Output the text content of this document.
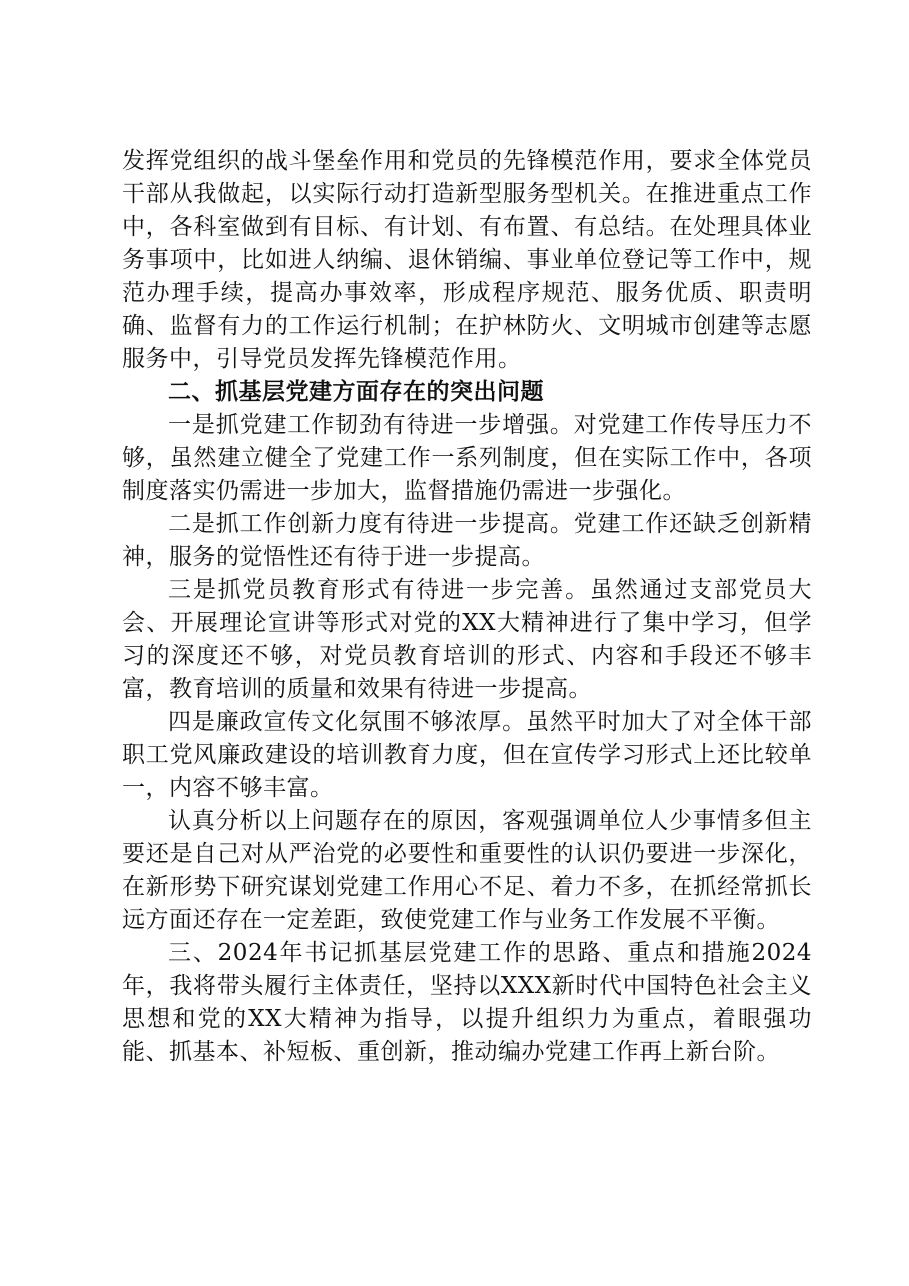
发挥党组织的战斗堡垒作用和党员的先锋模范作用，要求全体党员干部从我做起，以实际行动打造新型服务型机关。在推进重点工作中，各科室做到有目标、有计划、有布置、有总结。在处理具体业务事项中，比如进人纳编、退休销编、事业单位登记等工作中，规范办理手续，提高办事效率，形成程序规范、服务优质、职责明确、监督有力的工作运行机制；在护林防火、文明城市创建等志愿服务中，引导党员发挥先锋模范作用。

二、抓基层党建方面存在的突出问题

一是抓党建工作韧劲有待进一步增强。对党建工作传导压力不够，虽然建立健全了党建工作一系列制度，但在实际工作中，各项制度落实仍需进一步加大，监督措施仍需进一步强化。

二是抓工作创新力度有待进一步提高。党建工作还缺乏创新精神，服务的觉悟性还有待于进一步提高。

三是抓党员教育形式有待进一步完善。虽然通过支部党员大会、开展理论宣讲等形式对党的XX大精神进行了集中学习，但学习的深度还不够，对党员教育培训的形式、内容和手段还不够丰富，教育培训的质量和效果有待进一步提高。

四是廉政宣传文化氛围不够浓厚。虽然平时加大了对全体干部职工党风廉政建设的培训教育力度，但在宣传学习形式上还比较单一，内容不够丰富。

认真分析以上问题存在的原因，客观强调单位人少事情多但主要还是自己对从严治党的必要性和重要性的认识仍要进一步深化，在新形势下研究谋划党建工作用心不足、着力不多，在抓经常抓长远方面还存在一定差距，致使党建工作与业务工作发展不平衡。

三、2024年书记抓基层党建工作的思路、重点和措施2024年，我将带头履行主体责任，坚持以XXX新时代中国特色社会主义思想和党的XX大精神为指导，以提升组织力为重点，着眼强功能、抓基本、补短板、重创新，推动编办党建工作再上新台阶。
